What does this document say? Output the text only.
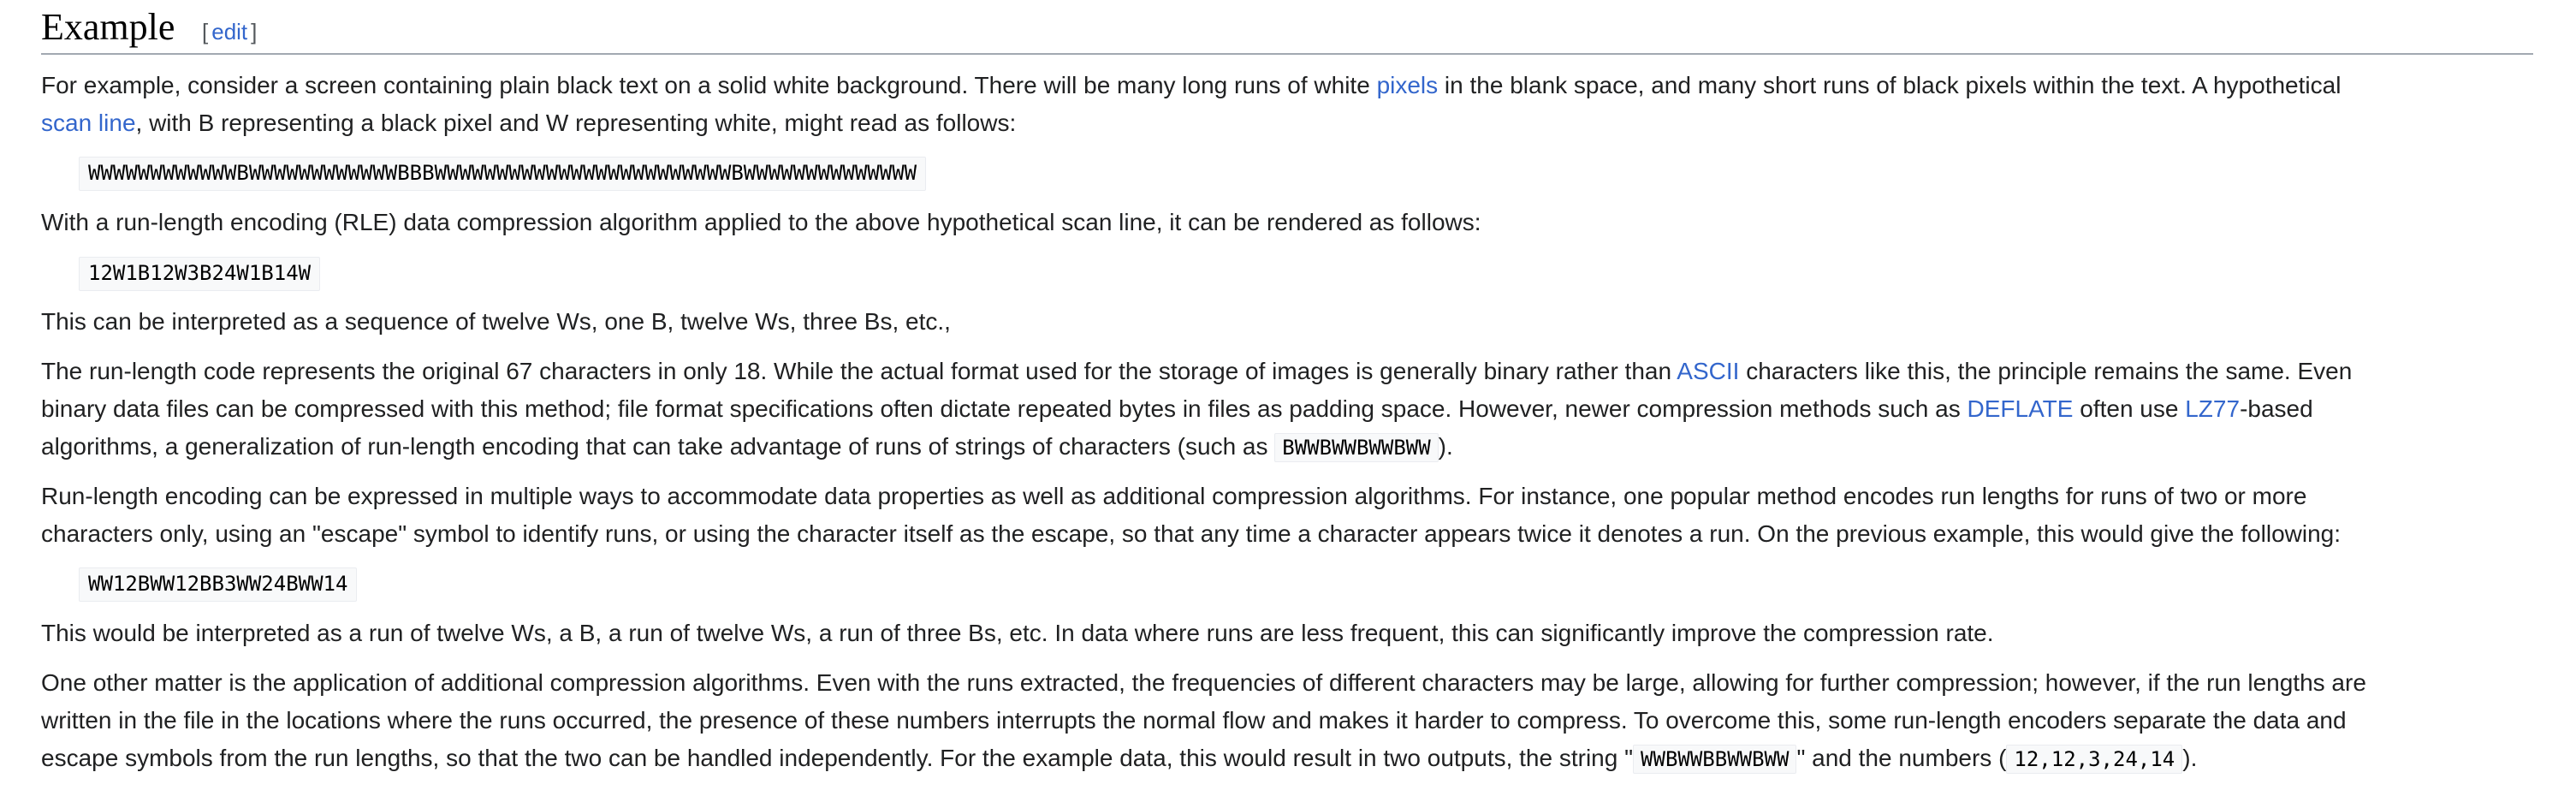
Example [ edit ]

For example, consider a screen containing plain black text on a solid white background. There will be many long runs of white pixels in the blank space, and many short runs of black pixels within the text. A hypothetical
scan line, with B representing a black pixel and W representing white, might read as follows:

WWWWWWWWWWWWBWWWWWWWWWWWWBBBWWWWWWWWWWWWWWWWWWWWWWWWBWWWWWWWWWWWWWW

With a run-length encoding (RLE) data compression algorithm applied to the above hypothetical scan line, it can be rendered as follows:

12W1B12W3B24W1B14W

This can be interpreted as a sequence of twelve Ws, one B, twelve Ws, three Bs, etc.,

The run-length code represents the original 67 characters in only 18. While the actual format used for the storage of images is generally binary rather than ASCII characters like this, the principle remains the same. Even
binary data files can be compressed with this method; file format specifications often dictate repeated bytes in files as padding space. However, newer compression methods such as DEFLATE often use LZ77-based
algorithms, a generalization of run-length encoding that can take advantage of runs of strings of characters (such as BWWBWWBWWBWW ).

Run-length encoding can be expressed in multiple ways to accommodate data properties as well as additional compression algorithms. For instance, one popular method encodes run lengths for runs of two or more
characters only, using an "escape" symbol to identify runs, or using the character itself as the escape, so that any time a character appears twice it denotes a run. On the previous example, this would give the following:

WW12BWW12BB3WW24BWW14

This would be interpreted as a run of twelve Ws, a B, a run of twelve Ws, a run of three Bs, etc. In data where runs are less frequent, this can significantly improve the compression rate.

One other matter is the application of additional compression algorithms. Even with the runs extracted, the frequencies of different characters may be large, allowing for further compression; however, if the run lengths are
written in the file in the locations where the runs occurred, the presence of these numbers interrupts the normal flow and makes it harder to compress. To overcome this, some run-length encoders separate the data and
escape symbols from the run lengths, so that the two can be handled independently. For the example data, this would result in two outputs, the string " WWBWWBBWWBWW " and the numbers ( 12,12,3,24,14 ).
